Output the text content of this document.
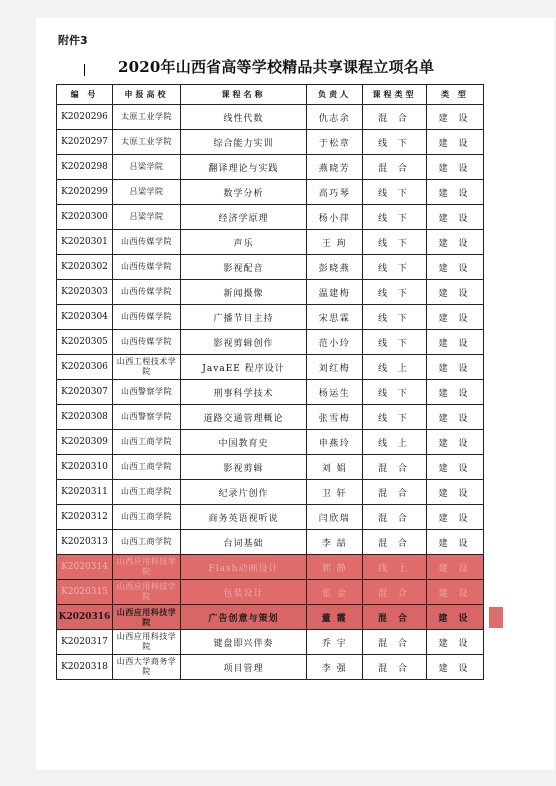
附件3
2020年山西省高等学校精品共享课程立项名单
编 号	申报高校	课程名称	负责人	课程类型	类 型
K2020296	太原工业学院	线性代数	仇志余	混 合	建 设
K2020297	太原工业学院	综合能力实训	于松章	线 下	建 设
K2020298	吕梁学院	翻译理论与实践	燕晓芳	混 合	建 设
K2020299	吕梁学院	数学分析	高巧琴	线 下	建 设
K2020300	吕梁学院	经济学原理	杨小萍	线 下	建 设
K2020301	山西传媒学院	声乐	王 珣	线 下	建 设
K2020302	山西传媒学院	影视配音	彭晓燕	线 下	建 设
K2020303	山西传媒学院	新闻摄像	温建梅	线 下	建 设
K2020304	山西传媒学院	广播节目主持	宋思霖	线 下	建 设
K2020305	山西传媒学院	影视剪辑创作	范小玲	线 下	建 设
K2020306	山西工程技术学院	JavaEE 程序设计	刘红梅	线 上	建 设
K2020307	山西警察学院	刑事科学技术	杨运生	线 下	建 设
K2020308	山西警察学院	道路交通管理概论	张雪梅	线 下	建 设
K2020309	山西工商学院	中国教育史	申燕玲	线 上	建 设
K2020310	山西工商学院	影视剪辑	刘 娟	混 合	建 设
K2020311	山西工商学院	纪录片创作	卫 轩	混 合	建 设
K2020312	山西工商学院	商务英语视听说	闫欣瑞	混 合	建 设
K2020313	山西工商学院	台词基础	李 喆	混 合	建 设
K2020314	山西应用科技学院	Flash动画设计	郭 静	线 上	建 设
K2020315	山西应用科技学院	包装设计	张 金	混 合	建 设
K2020316	山西应用科技学院	广告创意与策划	董 霞	混 合	建 设
K2020317	山西应用科技学院	键盘即兴伴奏	乔 宇	混 合	建 设
K2020318	山西大学商务学院	项目管理	李 强	混 合	建 设
